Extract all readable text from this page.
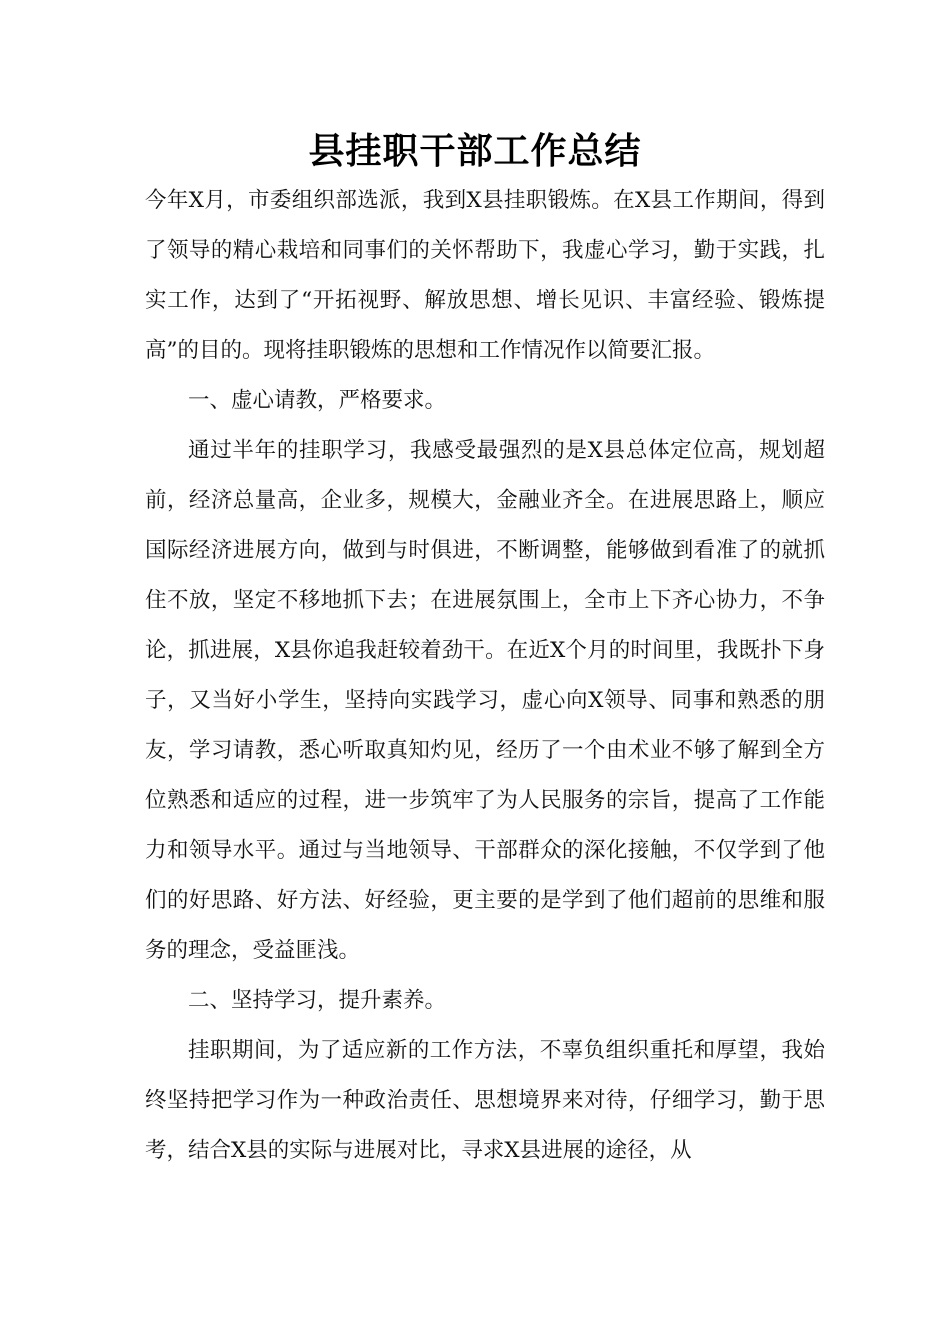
县挂职干部工作总结

今年X月，市委组织部选派，我到X县挂职锻炼。在X县工作期间，得到了领导的精心栽培和同事们的关怀帮助下，我虚心学习，勤于实践，扎实工作，达到了“开拓视野、解放思想、增长见识、丰富经验、锻炼提高”的目的。现将挂职锻炼的思想和工作情况作以简要汇报。

一、虚心请教，严格要求。

通过半年的挂职学习，我感受最强烈的是X县总体定位高，规划超前，经济总量高，企业多，规模大，金融业齐全。在进展思路上，顺应国际经济进展方向，做到与时俱进，不断调整，能够做到看准了的就抓住不放，坚定不移地抓下去；在进展氛围上，全市上下齐心协力，不争论，抓进展，X县你追我赶较着劲干。在近X个月的时间里，我既扑下身子，又当好小学生，坚持向实践学习，虚心向X领导、同事和熟悉的朋友，学习请教，悉心听取真知灼见，经历了一个由术业不够了解到全方位熟悉和适应的过程，进一步筑牢了为人民服务的宗旨，提高了工作能力和领导水平。通过与当地领导、干部群众的深化接触，不仅学到了他们的好思路、好方法、好经验，更主要的是学到了他们超前的思维和服务的理念，受益匪浅。

二、坚持学习，提升素养。

挂职期间，为了适应新的工作方法，不辜负组织重托和厚望，我始终坚持把学习作为一种政治责任、思想境界来对待，仔细学习，勤于思考，结合X县的实际与进展对比，寻求X县进展的途径，从
